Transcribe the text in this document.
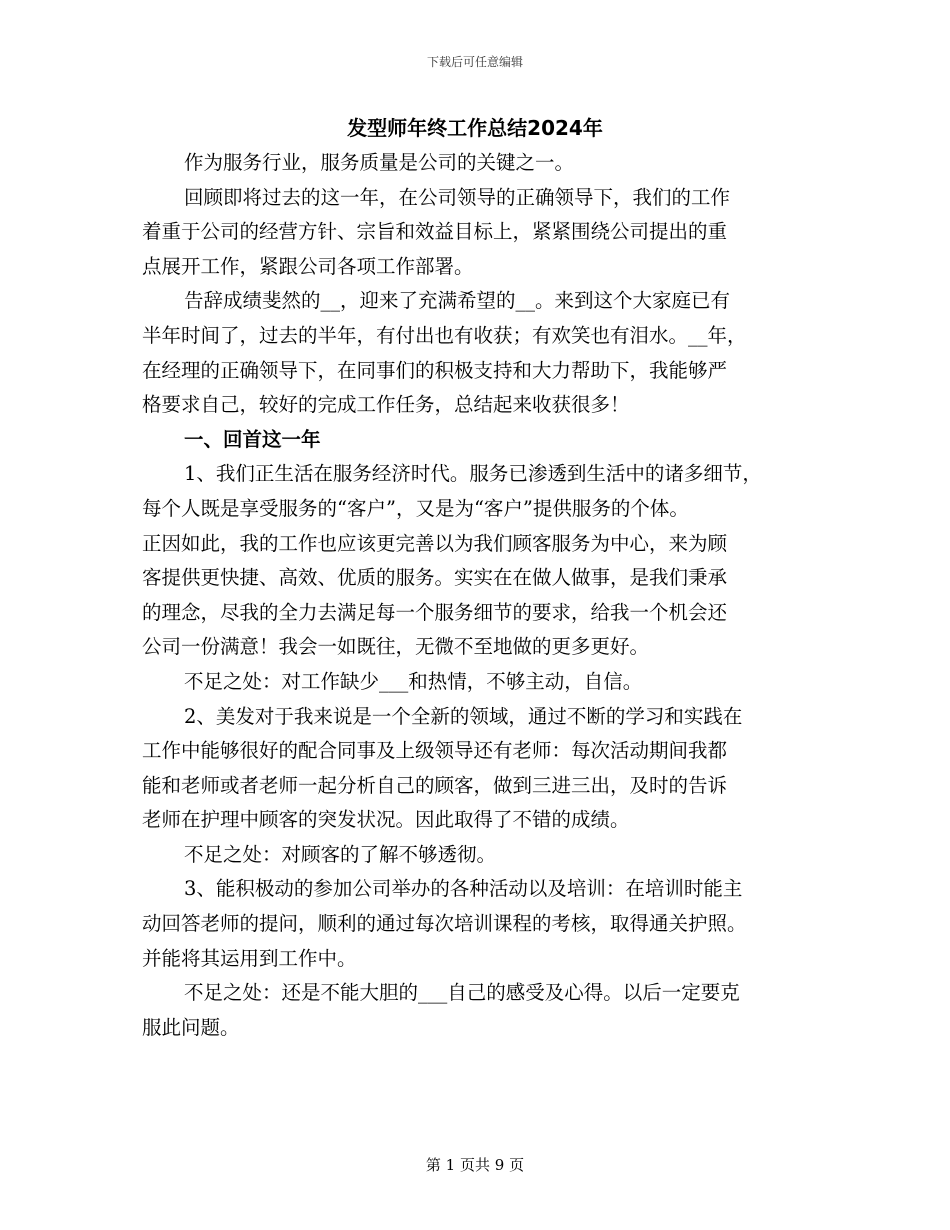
下载后可任意编辑
发型师年终工作总结2024年
作为服务行业，服务质量是公司的关键之一。
回顾即将过去的这一年，在公司领导的正确领导下，我们的工作
着重于公司的经营方针、宗旨和效益目标上，紧紧围绕公司提出的重
点展开工作，紧跟公司各项工作部署。
告辞成绩斐然的__，迎来了充满希望的__。来到这个大家庭已有
半年时间了，过去的半年，有付出也有收获；有欢笑也有泪水。__年，
在经理的正确领导下，在同事们的积极支持和大力帮助下，我能够严
格要求自己，较好的完成工作任务，总结起来收获很多！
一、回首这一年
1、我们正生活在服务经济时代。服务已渗透到生活中的诸多细节，
每个人既是享受服务的“客户”，又是为“客户”提供服务的个体。
正因如此，我的工作也应该更完善以为我们顾客服务为中心，来为顾
客提供更快捷、高效、优质的服务。实实在在做人做事，是我们秉承
的理念，尽我的全力去满足每一个服务细节的要求，给我一个机会还
公司一份满意！我会一如既往，无微不至地做的更多更好。
不足之处：对工作缺少___和热情，不够主动，自信。
2、美发对于我来说是一个全新的领域，通过不断的学习和实践在
工作中能够很好的配合同事及上级领导还有老师：每次活动期间我都
能和老师或者老师一起分析自己的顾客，做到三进三出，及时的告诉
老师在护理中顾客的突发状况。因此取得了不错的成绩。
不足之处：对顾客的了解不够透彻。
3、能积极动的参加公司举办的各种活动以及培训：在培训时能主
动回答老师的提问，顺利的通过每次培训课程的考核，取得通关护照。
并能将其运用到工作中。
不足之处：还是不能大胆的___自己的感受及心得。以后一定要克
服此问题。
第 1 页共 9 页
